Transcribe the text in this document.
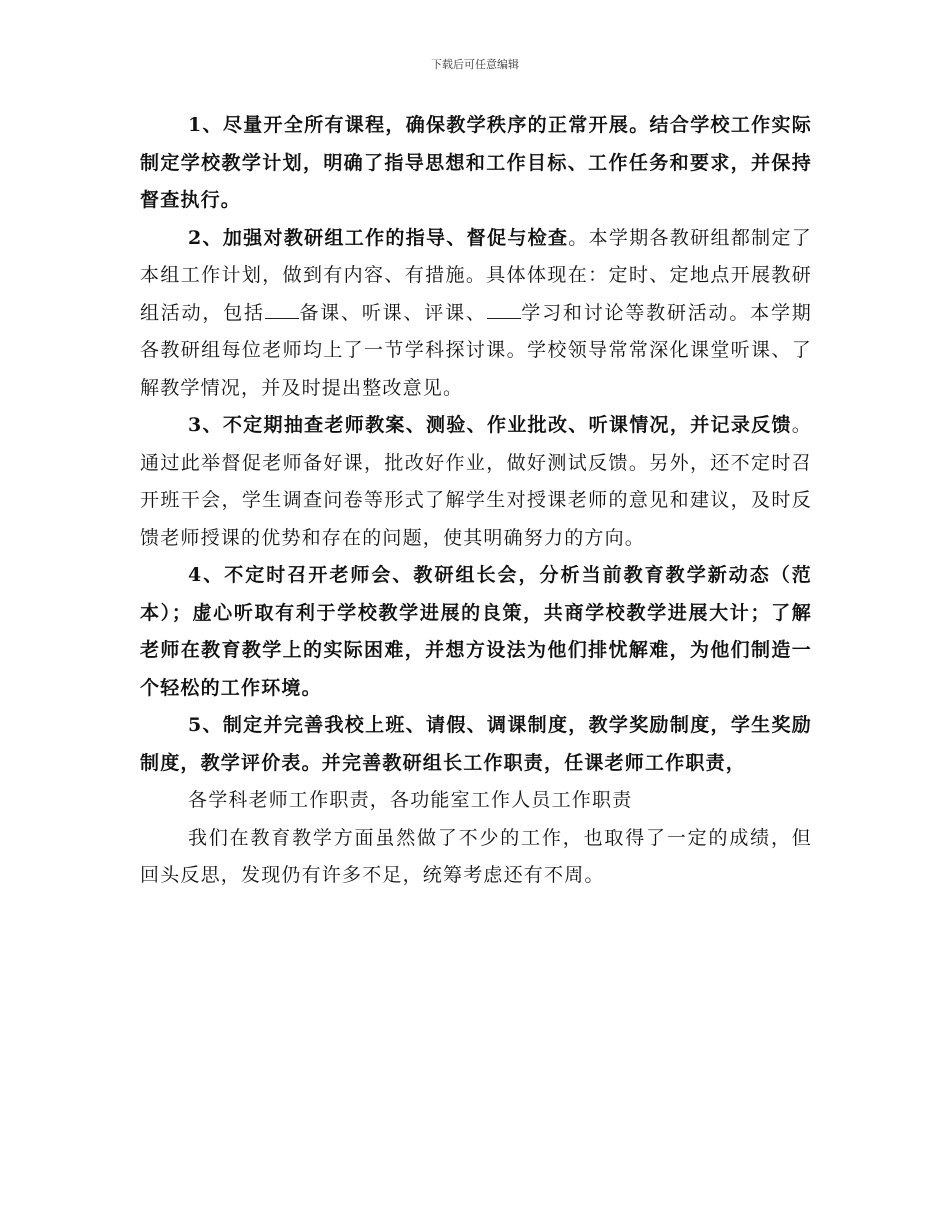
下载后可任意编辑

1、尽量开全所有课程，确保教学秩序的正常开展。结合学校工作实际制定学校教学计划，明确了指导思想和工作目标、工作任务和要求，并保持督查执行。

2、加强对教研组工作的指导、督促与检查。本学期各教研组都制定了本组工作计划，做到有内容、有措施。具体体现在：定时、定地点开展教研组活动，包括 备课、听课、评课、 学习和讨论等教研活动。本学期各教研组每位老师均上了一节学科探讨课。学校领导常常深化课堂听课、了解教学情况，并及时提出整改意见。

3、不定期抽查老师教案、测验、作业批改、听课情况，并记录反馈。通过此举督促老师备好课，批改好作业，做好测试反馈。另外，还不定时召开班干会，学生调查问卷等形式了解学生对授课老师的意见和建议，及时反馈老师授课的优势和存在的问题，使其明确努力的方向。

4、不定时召开老师会、教研组长会，分析当前教育教学新动态（范本）；虚心听取有利于学校教学进展的良策，共商学校教学进展大计；了解老师在教育教学上的实际困难，并想方设法为他们排忧解难，为他们制造一个轻松的工作环境。

5、制定并完善我校上班、请假、调课制度，教学奖励制度，学生奖励制度，教学评价表。并完善教研组长工作职责，任课老师工作职责，

各学科老师工作职责，各功能室工作人员工作职责

我们在教育教学方面虽然做了不少的工作，也取得了一定的成绩，但回头反思，发现仍有许多不足，统筹考虑还有不周。
